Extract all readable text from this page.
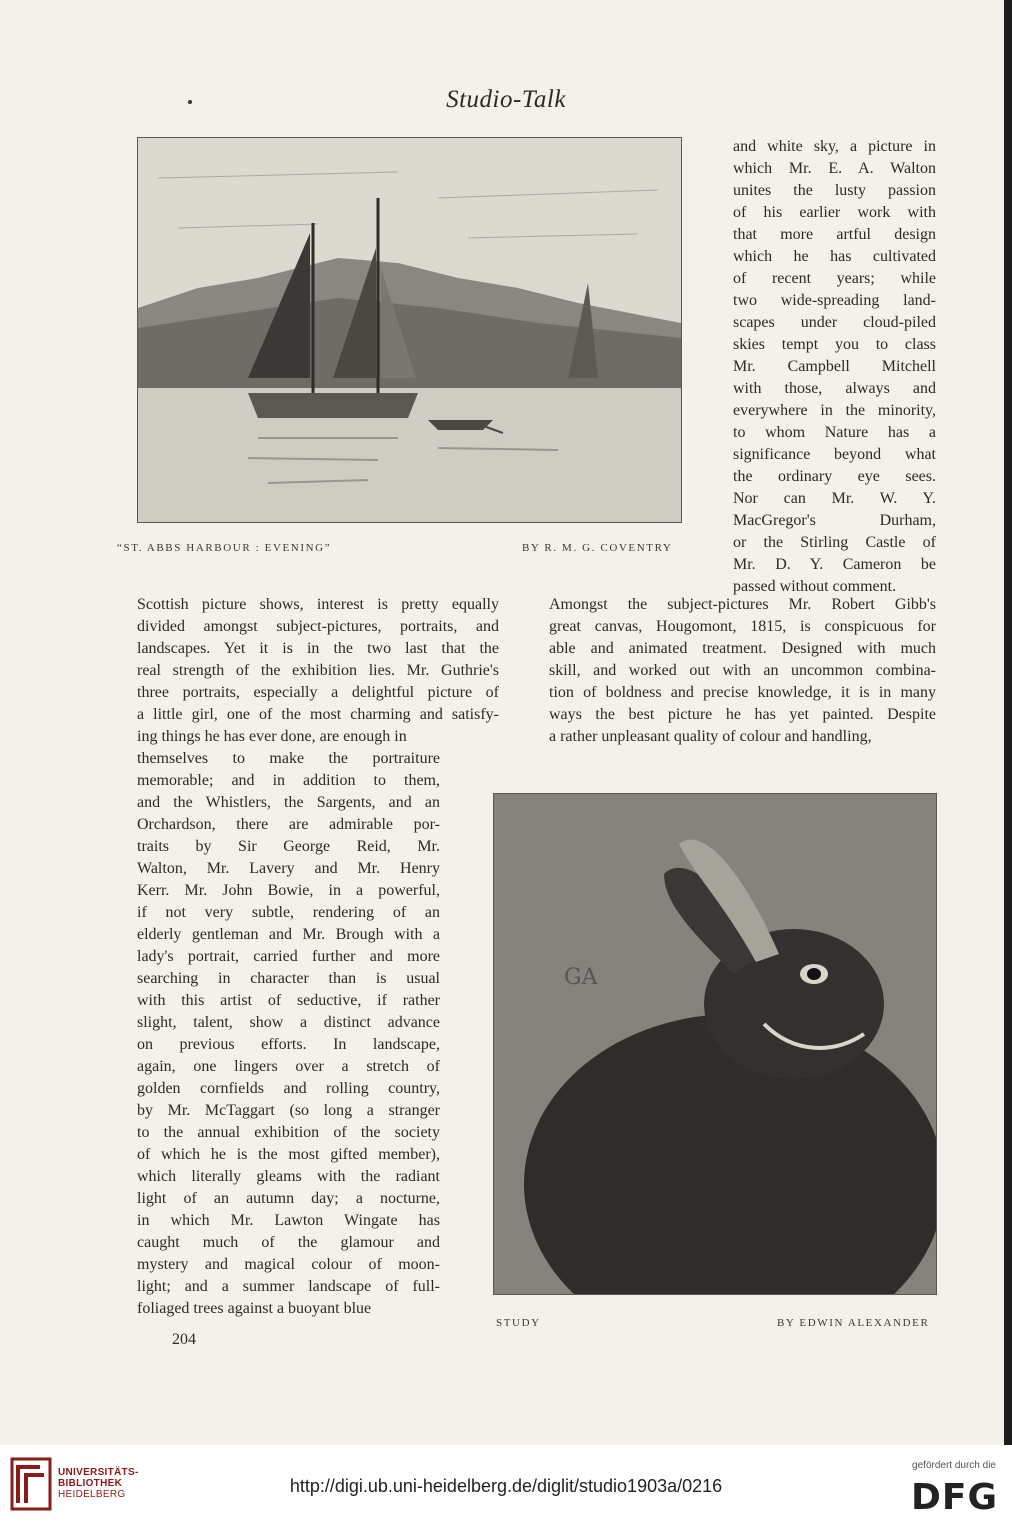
Studio-Talk
“ST. ABBS HARBOUR : EVENING”	BY R. M. G. COVENTRY
and white sky, a picture in
which Mr. E. A. Walton
unites the lusty passion
of his earlier work with
that more artful design
which he has cultivated
of recent years; while
two wide-spreading land-
scapes under cloud-piled
skies tempt you to class
Mr. Campbell Mitchell
with those, always and
everywhere in the minority,
to whom Nature has a
significance beyond what
the ordinary eye sees.
Nor can Mr. W. Y.
MacGregor's Durham,
or the Stirling Castle of
Mr. D. Y. Cameron be
passed without comment.
Scottish picture shows, interest is pretty equally
divided amongst subject-pictures, portraits, and
landscapes. Yet it is in the two last that the
real strength of the exhibition lies. Mr. Guthrie's
three portraits, especially a delightful picture of
a little girl, one of the most charming and satisfy-
ing things he has ever done, are enough in
Amongst the subject-pictures Mr. Robert Gibb's
great canvas, Hougomont, 1815, is conspicuous for
able and animated treatment. Designed with much
skill, and worked out with an uncommon combina-
tion of boldness and precise knowledge, it is in many
ways the best picture he has yet painted. Despite
a rather unpleasant quality of colour and handling,
themselves to make the portraiture
memorable; and in addition to them,
and the Whistlers, the Sargents, and an
Orchardson, there are admirable por-
traits by Sir George Reid, Mr.
Walton, Mr. Lavery and Mr. Henry
Kerr. Mr. John Bowie, in a powerful,
if not very subtle, rendering of an
elderly gentleman and Mr. Brough with a
lady's portrait, carried further and more
searching in character than is usual
with this artist of seductive, if rather
slight, talent, show a distinct advance
on previous efforts. In landscape,
again, one lingers over a stretch of
golden cornfields and rolling country,
by Mr. McTaggart (so long a stranger
to the annual exhibition of the society
of which he is the most gifted member),
which literally gleams with the radiant
light of an autumn day; a nocturne,
in which Mr. Lawton Wingate has
caught much of the glamour and
mystery and magical colour of moon-
light; and a summer landscape of full-
foliaged trees against a buoyant blue
GA
STUDY	BY EDWIN ALEXANDER
204
UNIVERSITÄTS-
BIBLIOTHEK
HEIDELBERG	http://digi.ub.uni-heidelberg.de/diglit/studio1903a/0216
gefördert durch die
DFG
